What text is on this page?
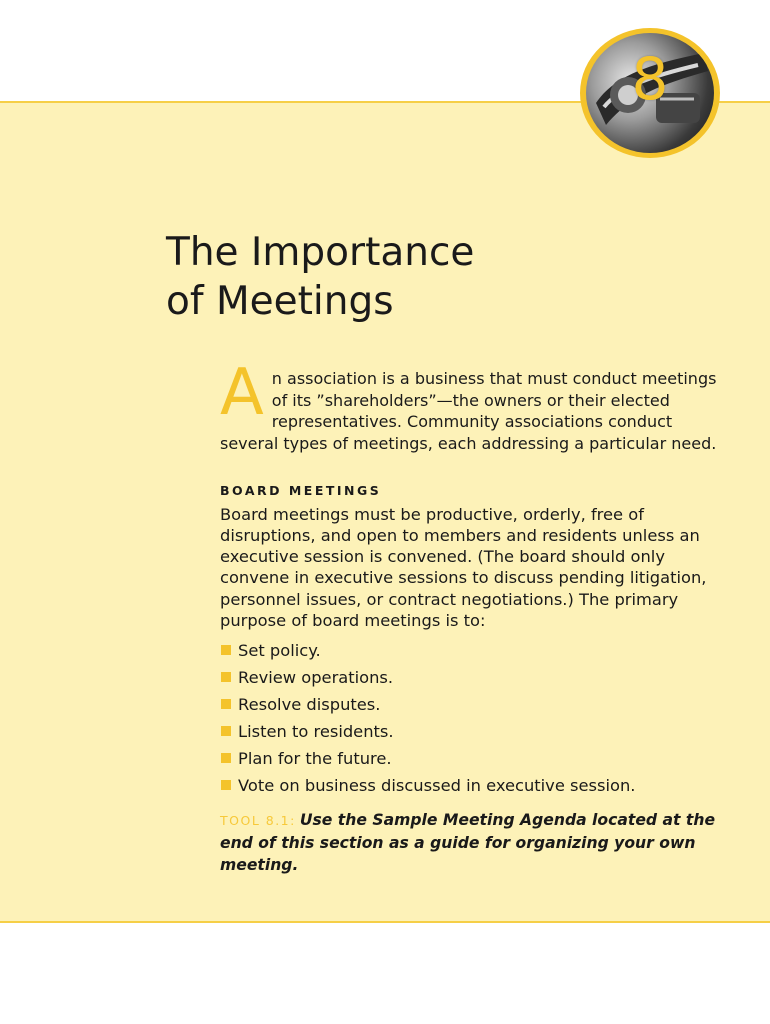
8
The Importance
of Meetings

An association is a business that must conduct meetings of its ”shareholders”—the owners or their elected representatives. Community associations conduct several types of meetings, each addressing a particular need.

BOARD MEETINGS

Board meetings must be productive, orderly, free of disruptions, and open to members and residents unless an executive session is convened. (The board should only convene in executive sessions to discuss pending litigation, personnel issues, or contract negotiations.) The primary purpose of board meetings is to:

Set policy.
Review operations.
Resolve disputes.
Listen to residents.
Plan for the future.
Vote on business discussed in executive session.

TOOL 8.1: Use the Sample Meeting Agenda located at the end of this section as a guide for organizing your own meeting.
